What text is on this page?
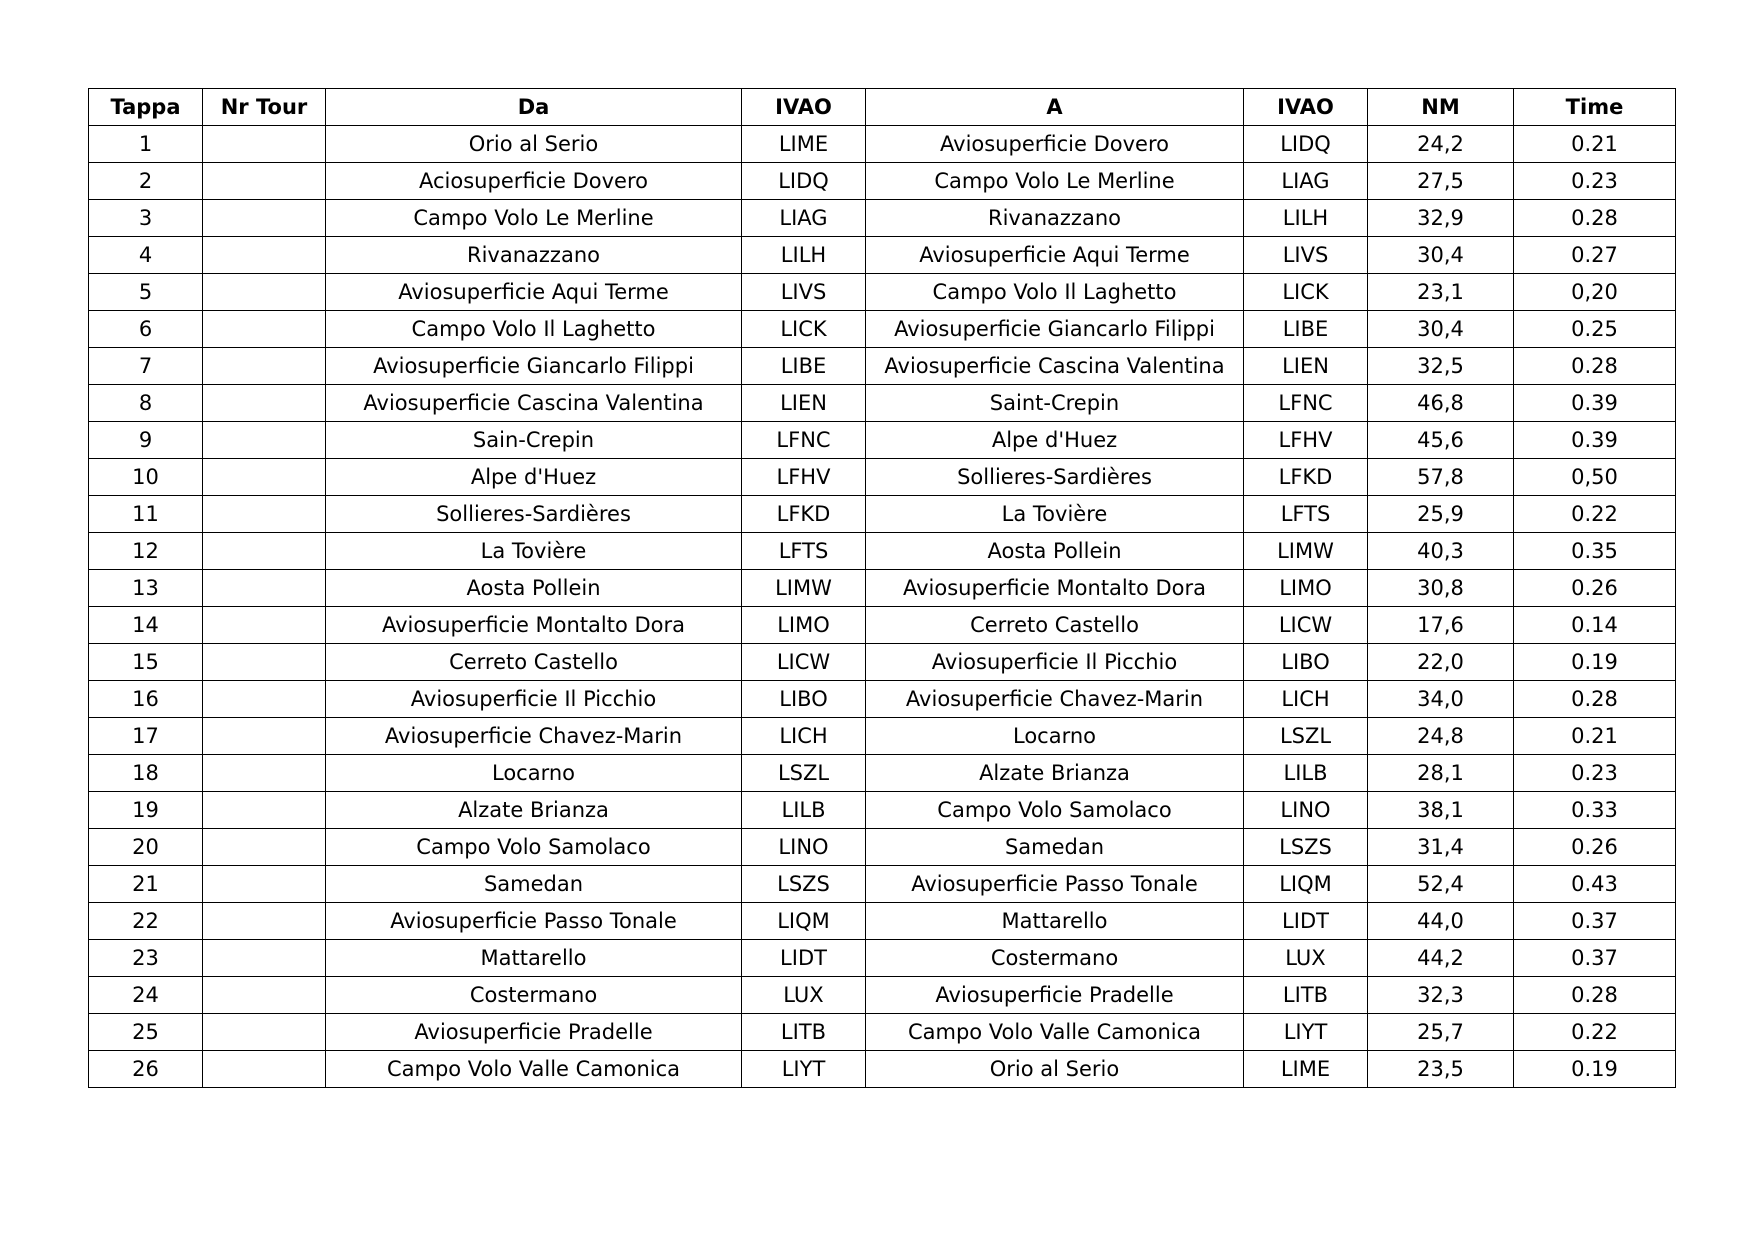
Tappa	Nr Tour	Da	IVAO	A	IVAO	NM	Time
1		Orio al Serio	LIME	Aviosuperficie Dovero	LIDQ	24,2	0.21
2		Aciosuperficie Dovero	LIDQ	Campo Volo Le Merline	LIAG	27,5	0.23
3		Campo Volo Le Merline	LIAG	Rivanazzano	LILH	32,9	0.28
4		Rivanazzano	LILH	Aviosuperficie Aqui Terme	LIVS	30,4	0.27
5		Aviosuperficie Aqui Terme	LIVS	Campo Volo Il Laghetto	LICK	23,1	0,20
6		Campo Volo Il Laghetto	LICK	Aviosuperficie Giancarlo Filippi	LIBE	30,4	0.25
7		Aviosuperficie Giancarlo Filippi	LIBE	Aviosuperficie Cascina Valentina	LIEN	32,5	0.28
8		Aviosuperficie Cascina Valentina	LIEN	Saint-Crepin	LFNC	46,8	0.39
9		Sain-Crepin	LFNC	Alpe d'Huez	LFHV	45,6	0.39
10		Alpe d'Huez	LFHV	Sollieres-Sardières	LFKD	57,8	0,50
11		Sollieres-Sardières	LFKD	La Tovière	LFTS	25,9	0.22
12		La Tovière	LFTS	Aosta Pollein	LIMW	40,3	0.35
13		Aosta Pollein	LIMW	Aviosuperficie Montalto Dora	LIMO	30,8	0.26
14		Aviosuperficie Montalto Dora	LIMO	Cerreto Castello	LICW	17,6	0.14
15		Cerreto Castello	LICW	Aviosuperficie Il Picchio	LIBO	22,0	0.19
16		Aviosuperficie Il Picchio	LIBO	Aviosuperficie Chavez-Marin	LICH	34,0	0.28
17		Aviosuperficie Chavez-Marin	LICH	Locarno	LSZL	24,8	0.21
18		Locarno	LSZL	Alzate Brianza	LILB	28,1	0.23
19		Alzate Brianza	LILB	Campo Volo Samolaco	LINO	38,1	0.33
20		Campo Volo Samolaco	LINO	Samedan	LSZS	31,4	0.26
21		Samedan	LSZS	Aviosuperficie Passo Tonale	LIQM	52,4	0.43
22		Aviosuperficie Passo Tonale	LIQM	Mattarello	LIDT	44,0	0.37
23		Mattarello	LIDT	Costermano	LUX	44,2	0.37
24		Costermano	LUX	Aviosuperficie Pradelle	LITB	32,3	0.28
25		Aviosuperficie Pradelle	LITB	Campo Volo Valle Camonica	LIYT	25,7	0.22
26		Campo Volo Valle Camonica	LIYT	Orio al Serio	LIME	23,5	0.19
